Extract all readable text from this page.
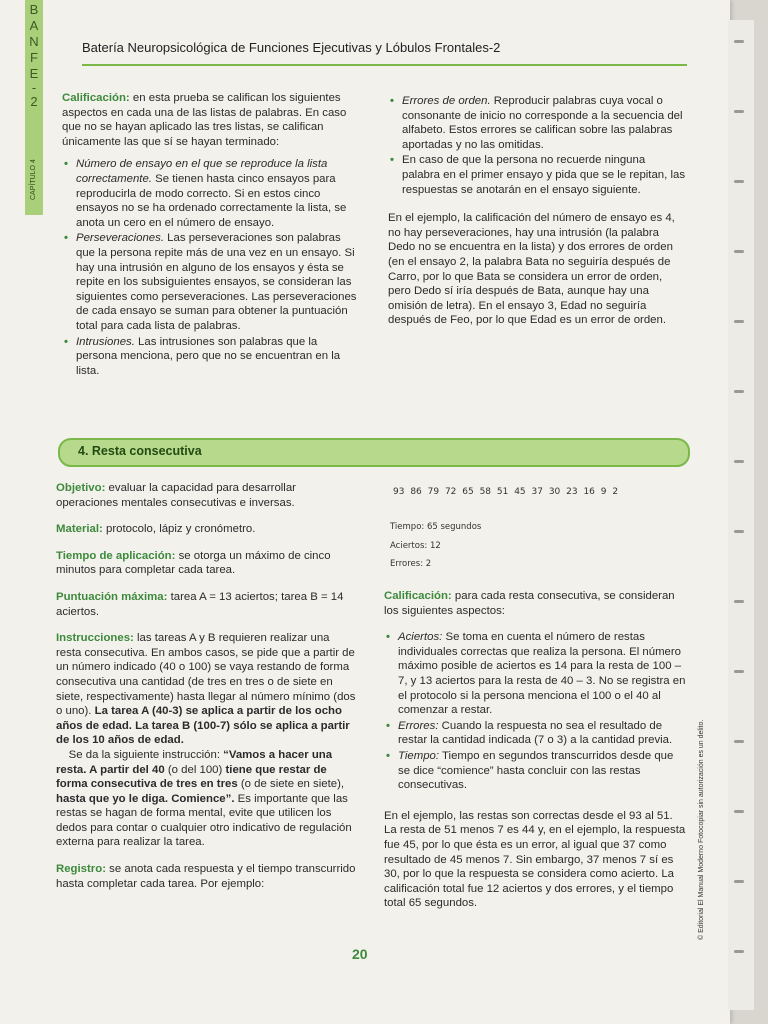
B
A
N
F
E
-
2
CAPÍTULO 4
Batería Neuropsicológica de Funciones Ejecutivas y Lóbulos Frontales-2

Calificación: en esta prueba se califican los siguientes aspectos en cada una de las listas de palabras. En caso que no se hayan aplicado las tres listas, se califican únicamente las que sí se hayan terminado:

• Número de ensayo en el que se reproduce la lista correctamente. Se tienen hasta cinco ensayos para reproducirla de modo correcto. Si en estos cinco ensayos no se ha ordenado correctamente la lista, se anota un cero en el número de ensayo.
• Perseveraciones. Las perseveraciones son palabras que la persona repite más de una vez en un ensayo. Si hay una intrusión en alguno de los ensayos y ésta se repite en los subsiguientes ensayos, se consideran las siguientes como perseveraciones. Las perseveraciones de cada ensayo se suman para obtener la puntuación total para cada lista de palabras.
• Intrusiones. Las intrusiones son palabras que la persona menciona, pero que no se encuentran en la lista.
• Errores de orden. Reproducir palabras cuya vocal o consonante de inicio no corresponde a la secuencia del alfabeto. Estos errores se califican sobre las palabras aportadas y no las omitidas.
• En caso de que la persona no recuerde ninguna palabra en el primer ensayo y pida que se le repitan, las respuestas se anotarán en el ensayo siguiente.

En el ejemplo, la calificación del número de ensayo es 4, no hay perseveraciones, hay una intrusión (la palabra Dedo no se encuentra en la lista) y dos errores de orden (en el ensayo 2, la palabra Bata no seguiría después de Carro, por lo que Bata se considera un error de orden, pero Dedo sí iría después de Bata, aunque hay una omisión de letra). En el ensayo 3, Edad no seguiría después de Feo, por lo que Edad es un error de orden.

4. Resta consecutiva

Objetivo: evaluar la capacidad para desarrollar operaciones mentales consecutivas e inversas.

Material: protocolo, lápiz y cronómetro.

Tiempo de aplicación: se otorga un máximo de cinco minutos para completar cada tarea.

Puntuación máxima: tarea A = 13 aciertos; tarea B = 14 aciertos.

Instrucciones: las tareas A y B requieren realizar una resta consecutiva. En ambos casos, se pide que a partir de un número indicado (40 o 100) se vaya restando de forma consecutiva una cantidad (de tres en tres o de siete en siete, respectivamente) hasta llegar al número mínimo (dos o uno). La tarea A (40-3) se aplica a partir de los ocho años de edad. La tarea B (100-7) sólo se aplica a partir de los 10 años de edad.
Se da la siguiente instrucción: “Vamos a hacer una resta. A partir del 40 (o del 100) tiene que restar de forma consecutiva de tres en tres (o de siete en siete), hasta que yo le diga. Comience”. Es importante que las restas se hagan de forma mental, evite que utilicen los dedos para contar o cualquier otro indicativo de regulación externa para realizar la tarea.

Registro: se anota cada respuesta y el tiempo transcurrido hasta completar cada tarea. Por ejemplo:

93 86 79 72 65 58 51 45 37 30 23 16 9 2
Tiempo: 65 segundos
Aciertos: 12
Errores: 2

Calificación: para cada resta consecutiva, se consideran los siguientes aspectos:

• Aciertos: Se toma en cuenta el número de restas individuales correctas que realiza la persona. El número máximo posible de aciertos es 14 para la resta de 100 – 7, y 13 aciertos para la resta de 40 – 3. No se registra en el protocolo si la persona menciona el 100 o el 40 al comenzar a restar.
• Errores: Cuando la respuesta no sea el resultado de restar la cantidad indicada (7 o 3) a la cantidad previa.
• Tiempo: Tiempo en segundos transcurridos desde que se dice “comience” hasta concluir con las restas consecutivas.

En el ejemplo, las restas son correctas desde el 93 al 51. La resta de 51 menos 7 es 44 y, en el ejemplo, la respuesta fue 45, por lo que ésta es un error, al igual que 37 como resultado de 45 menos 7. Sin embargo, 37 menos 7 sí es 30, por lo que la respuesta se considera como acierto. La calificación total fue 12 aciertos y dos errores, y el tiempo total 65 segundos.

20
© Editorial El Manual Moderno Fotocopiar sin autorización es un delito.
